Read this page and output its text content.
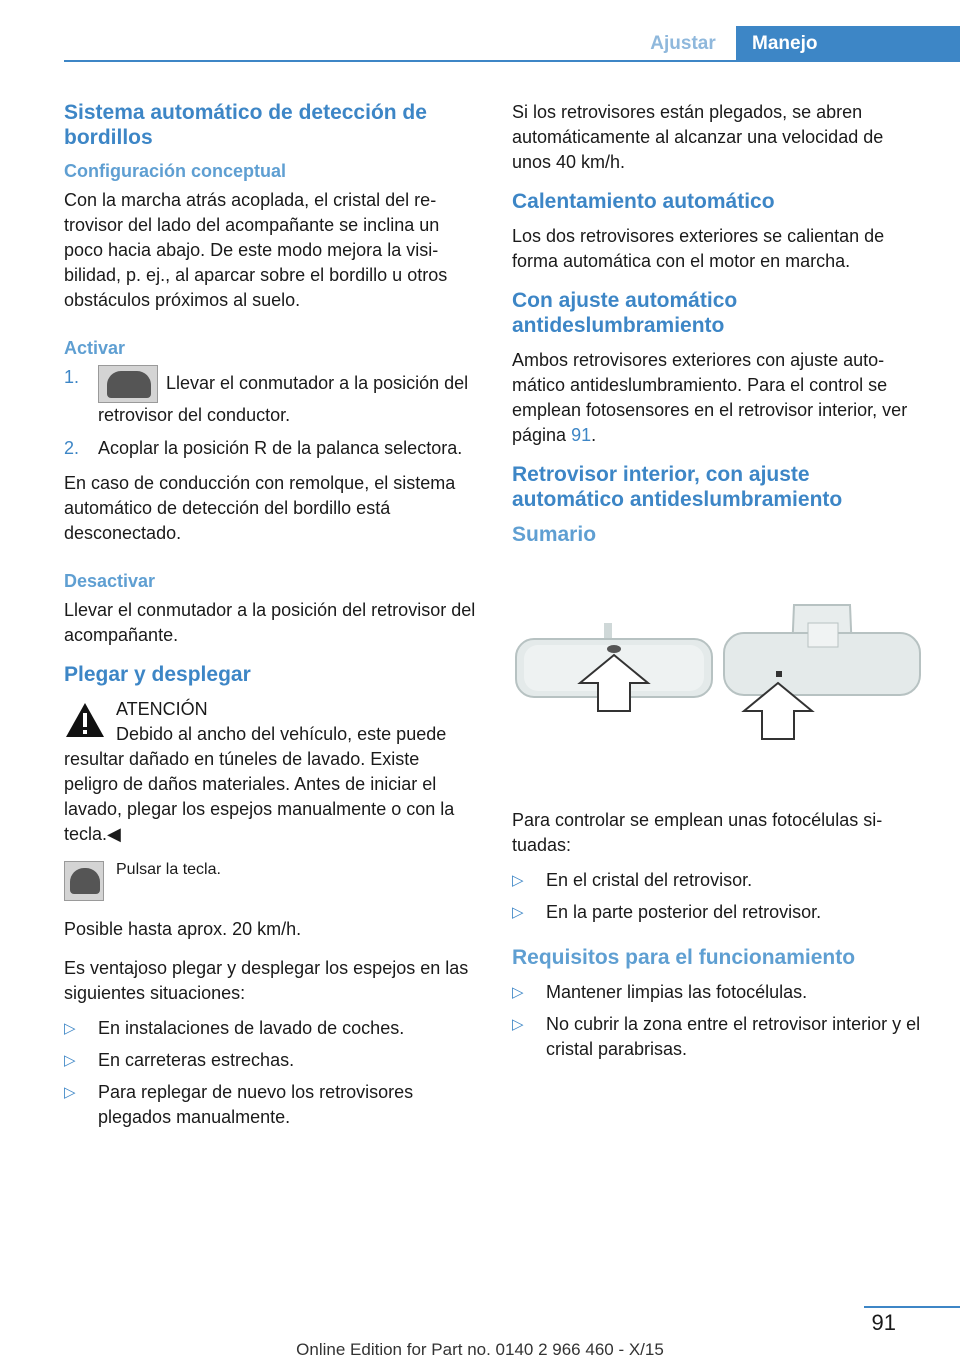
Ajustar	Manejo
Sistema automático de detección de bordillos
Configuración conceptual

Con la marcha atrás acoplada, el cristal del retrovisor del lado del acompañante se inclina un poco hacia abajo. De este modo mejora la visibilidad, p. ej., al aparcar sobre el bordillo u otros obstáculos próximos al suelo.

Activar
1.	Llevar el conmutador a la posición del retrovisor del conductor.
2. Acoplar la posición R de la palanca selectora.

En caso de conducción con remolque, el sistema automático de detección del bordillo está desconectado.

Desactivar

Llevar el conmutador a la posición del retrovisor del acompañante.

Plegar y desplegar
ATENCIÓN

Debido al ancho del vehículo, este puede resultar dañado en túneles de lavado. Existe peligro de daños materiales. Antes de iniciar el lavado, plegar los espejos manualmente o con la tecla.◀

Pulsar la tecla.

Posible hasta aprox. 20 km/h.

Es ventajoso plegar y desplegar los espejos en las siguientes situaciones:

▷ En instalaciones de lavado de coches.
▷ En carreteras estrechas.
▷ Para replegar de nuevo los retrovisores plegados manualmente.

Si los retrovisores están plegados, se abren automáticamente al alcanzar una velocidad de unos 40 km/h.

Calentamiento automático

Los dos retrovisores exteriores se calientan de forma automática con el motor en marcha.

Con ajuste automático antideslumbramiento

Ambos retrovisores exteriores con ajuste automático antideslumbramiento. Para el control se emplean fotosensores en el retrovisor interior, ver página 91.

Retrovisor interior, con ajuste automático antideslumbramiento
Sumario

Para controlar se emplean unas fotocélulas situadas:

▷ En el cristal del retrovisor.
▷ En la parte posterior del retrovisor.
Requisitos para el funcionamiento
▷ Mantener limpias las fotocélulas.
▷ No cubrir la zona entre el retrovisor interior y el cristal parabrisas.
91
Online Edition for Part no. 0140 2 966 460 - X/15
